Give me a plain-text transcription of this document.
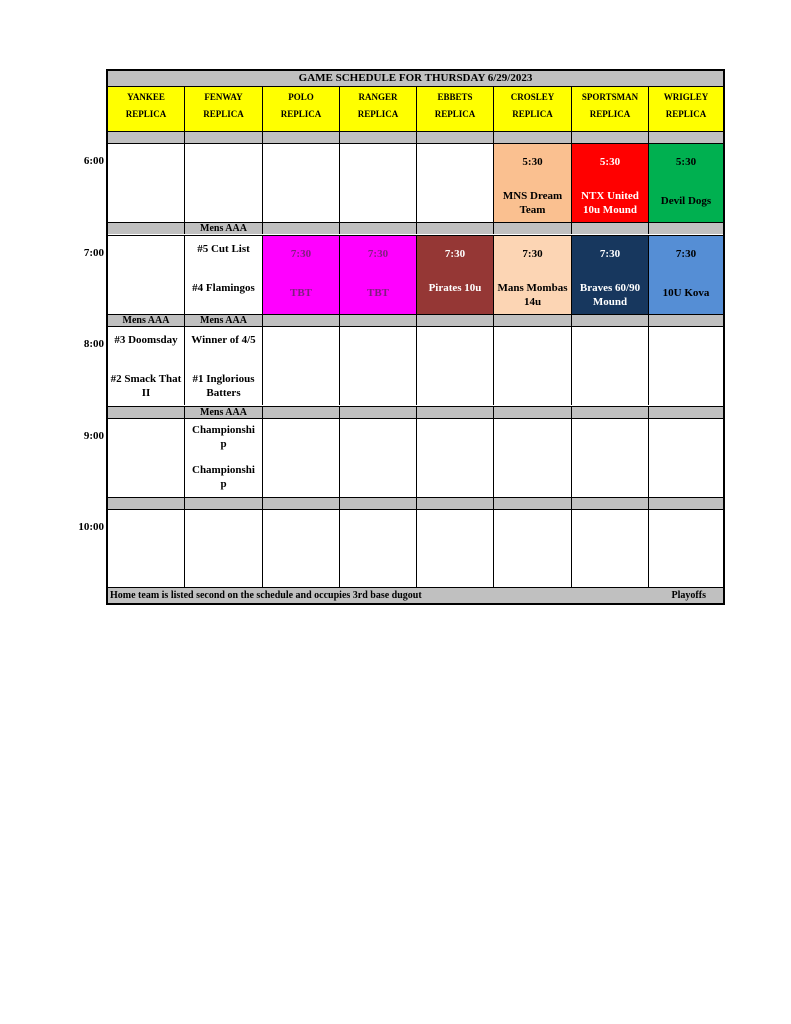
6:00
7:00
8:00
9:00
10:00
GAME SCHEDULE FOR THURSDAY 6/29/2023
YANKEE
REPLICA
FENWAY
REPLICA
POLO
REPLICA
RANGER
REPLICA
EBBETS
REPLICA
CROSLEY
REPLICA
SPORTSMAN
REPLICA
WRIGLEY
REPLICA
5:30
MNS Dream Team
5:30
NTX United 10u Mound
5:30
Devil Dogs
Mens AAA
#5 Cut List
#4 Flamingos
7:30
TBT
7:30
TBT
7:30
Pirates 10u
7:30
Mans Mombas 14u
7:30
Braves 60/90 Mound
7:30
10U Kova
Mens AAA	Mens AAA
#3 Doomsday
#2 Smack That II
Winner of 4/5
#1 Inglorious Batters
Mens AAA
Championship
Championship
Home team is listed second on the schedule and occupies 3rd base dugout	Playoffs
